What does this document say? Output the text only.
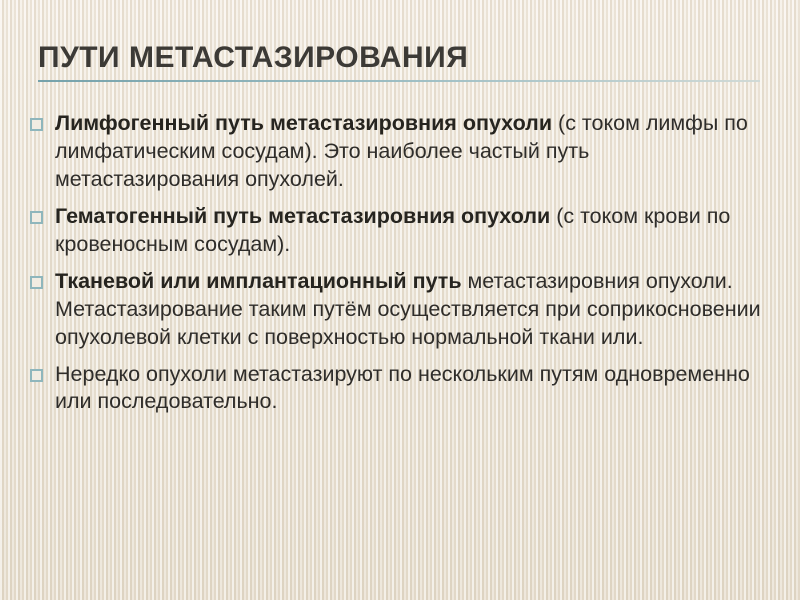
ПУТИ МЕТАСТАЗИРОВАНИЯ
Лимфогенный путь метастазировния опухоли (с током лимфы по лимфатическим сосудам). Это наиболее частый путь метастазирования опухолей.
Гематогенный путь метастазировния опухоли (с током крови по кровеносным сосудам).
Тканевой или имплантационный путь метастазировния опухоли. Метастазирование таким путём осуществляется при соприкосновении опухолевой клетки с поверхностью нормальной ткани или.
Нередко опухоли метастазируют по нескольким путям одновременно или последовательно.
